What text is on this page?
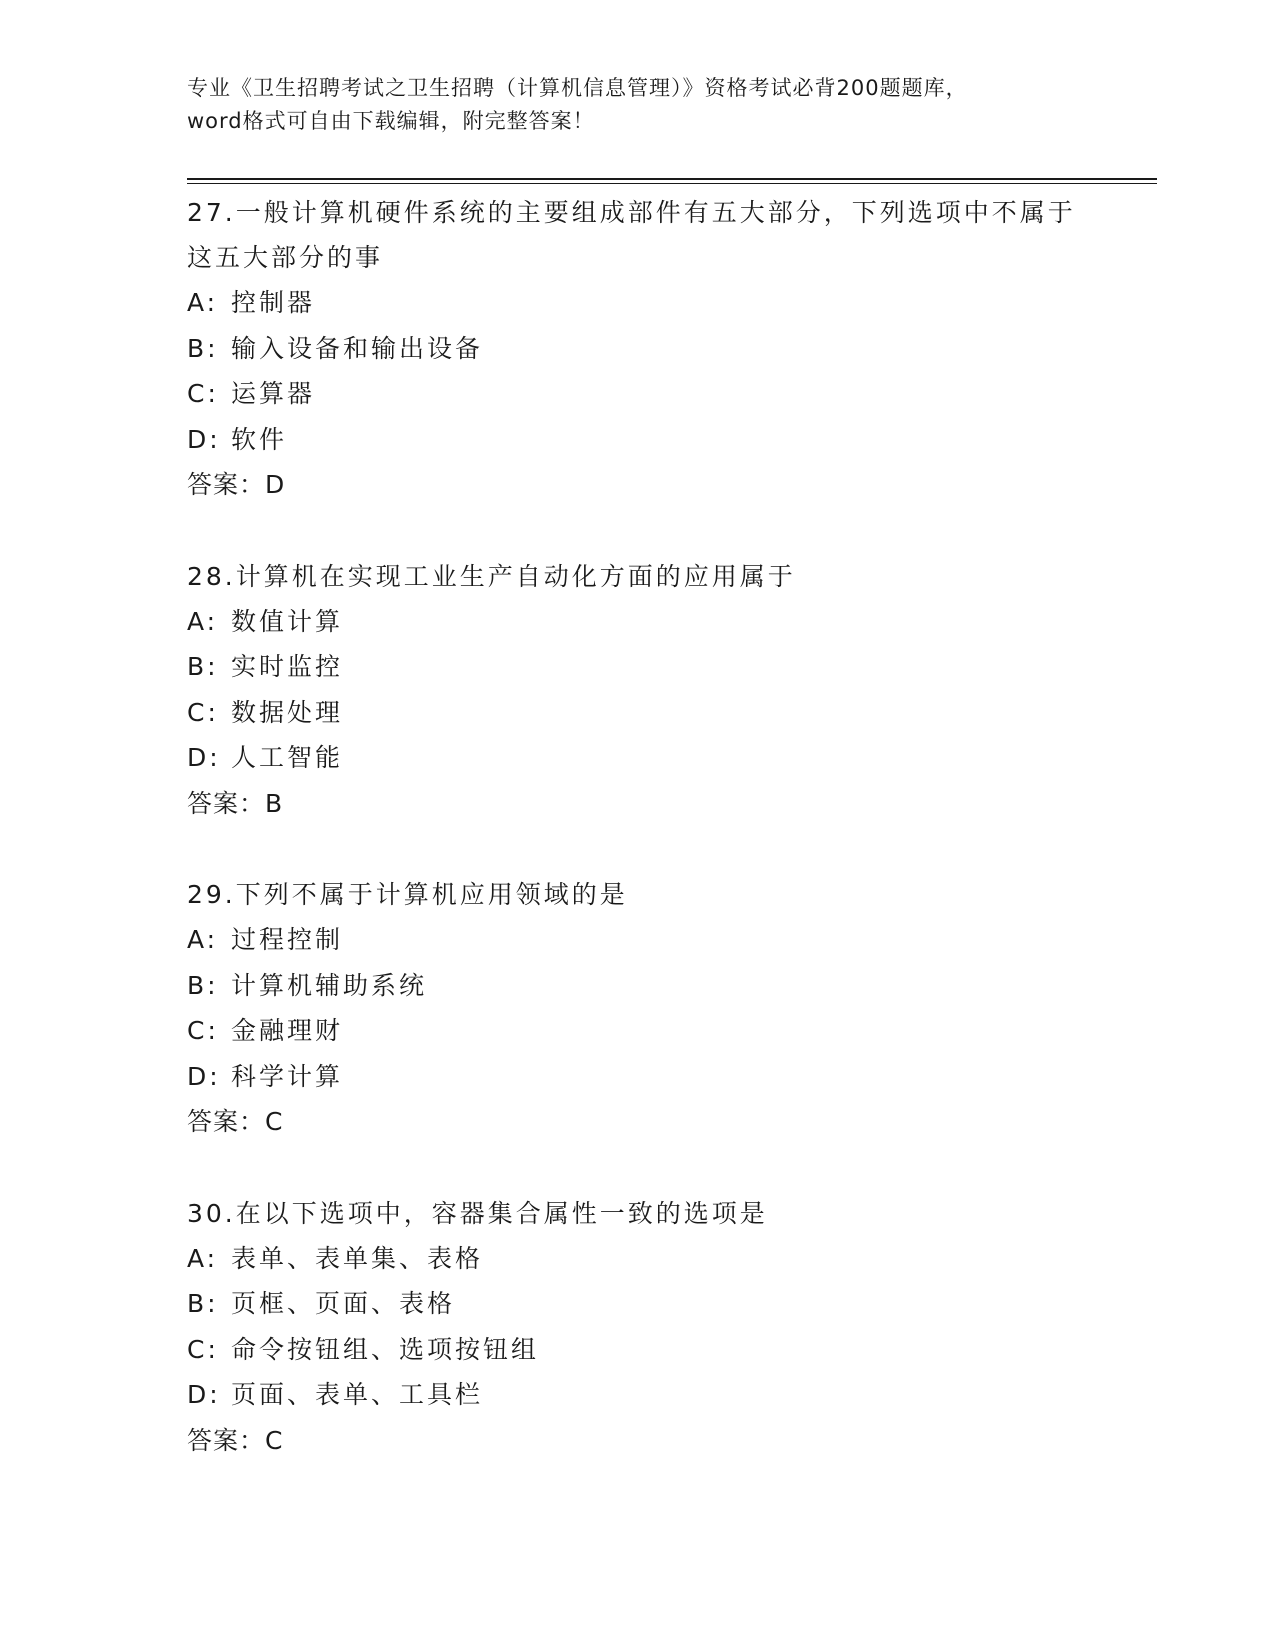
专业《卫生招聘考试之卫生招聘（计算机信息管理）》资格考试必背200题题库，
word格式可自由下载编辑，附完整答案！
27.一般计算机硬件系统的主要组成部件有五大部分，下列选项中不属于这五大部分的事
A: 控制器
B: 输入设备和输出设备
C: 运算器
D: 软件
答案：D
28.计算机在实现工业生产自动化方面的应用属于
A: 数值计算
B: 实时监控
C: 数据处理
D: 人工智能
答案：B
29.下列不属于计算机应用领域的是
A: 过程控制
B: 计算机辅助系统
C: 金融理财
D: 科学计算
答案：C
30.在以下选项中，容器集合属性一致的选项是
A: 表单、表单集、表格
B: 页框、页面、表格
C: 命令按钮组、选项按钮组
D: 页面、表单、工具栏
答案：C
